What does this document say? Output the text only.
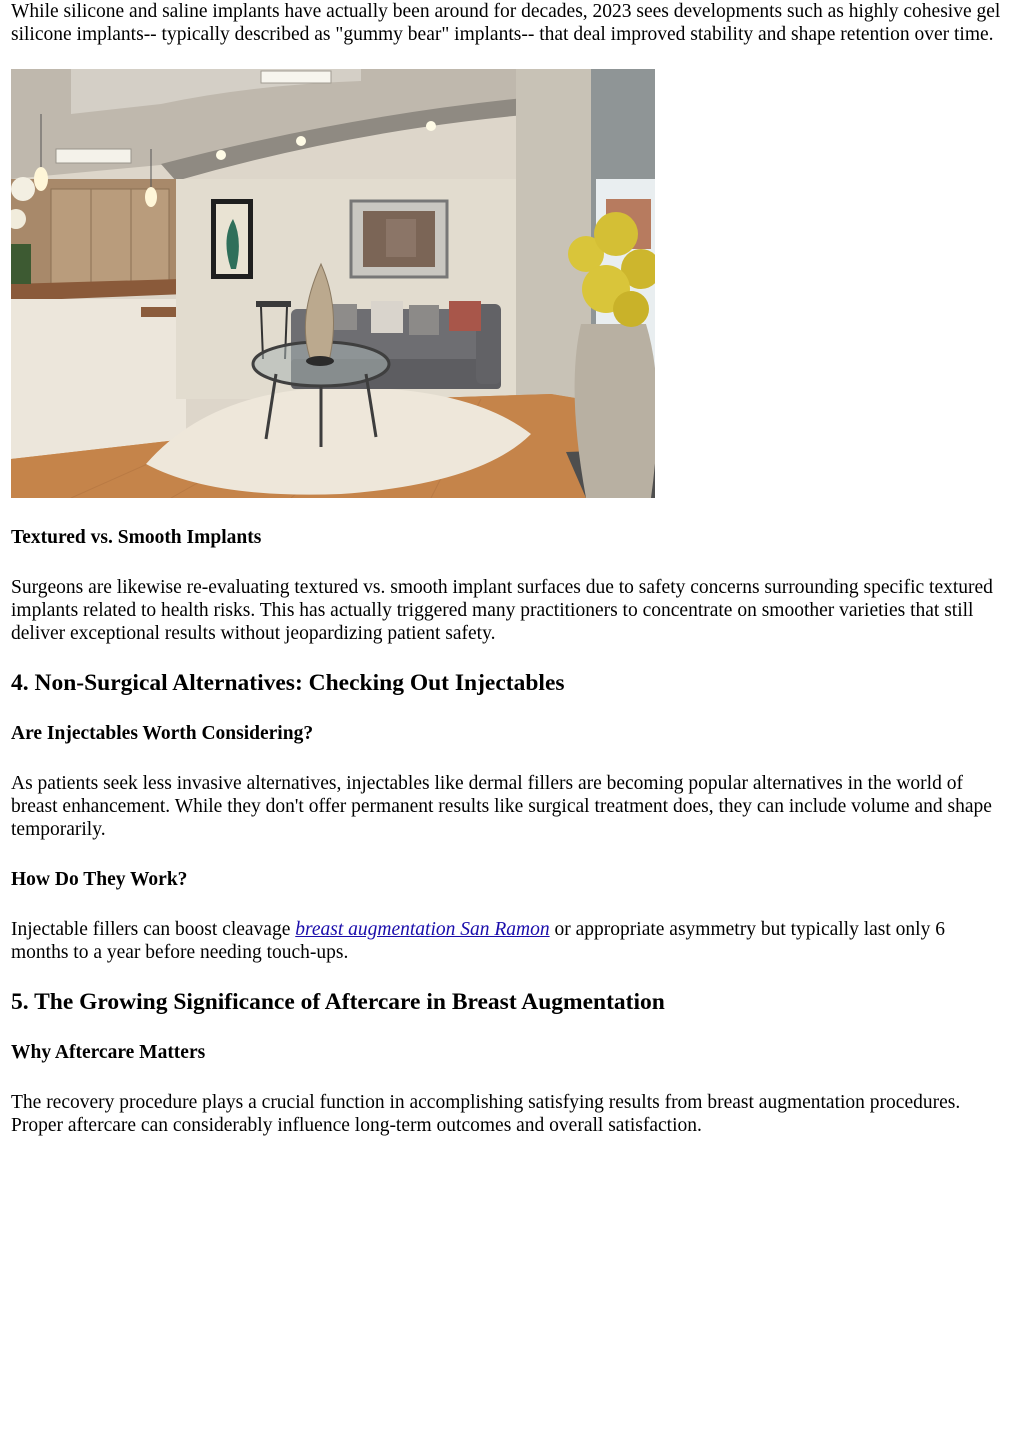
While silicone and saline implants have actually been around for decades, 2023 sees developments such as highly cohesive gel silicone implants-- typically described as "gummy bear" implants-- that deal improved stability and shape retention over time.

Textured vs. Smooth Implants

Surgeons are likewise re-evaluating textured vs. smooth implant surfaces due to safety concerns surrounding specific textured implants related to health risks. This has actually triggered many practitioners to concentrate on smoother varieties that still deliver exceptional results without jeopardizing patient safety.

4. Non-Surgical Alternatives: Checking Out Injectables
Are Injectables Worth Considering?

As patients seek less invasive alternatives, injectables like dermal fillers are becoming popular alternatives in the world of breast enhancement. While they don't offer permanent results like surgical treatment does, they can include volume and shape temporarily.

How Do They Work?

Injectable fillers can boost cleavage breast augmentation San Ramon or appropriate asymmetry but typically last only 6 months to a year before needing touch-ups.

5. The Growing Significance of Aftercare in Breast Augmentation
Why Aftercare Matters

The recovery procedure plays a crucial function in accomplishing satisfying results from breast augmentation procedures. Proper aftercare can considerably influence long-term outcomes and overall satisfaction.
